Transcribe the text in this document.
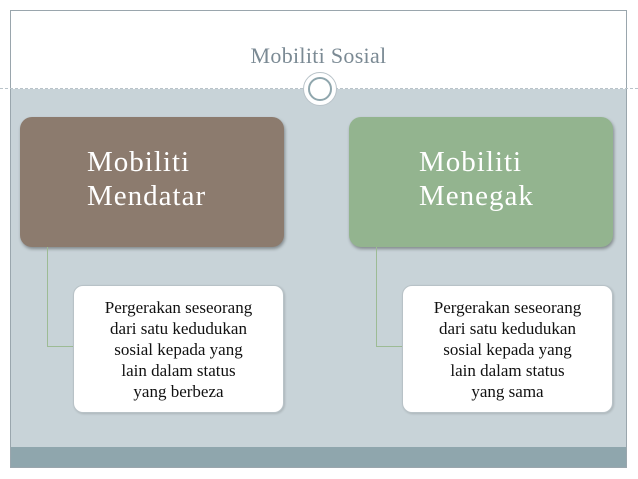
Mobiliti Sosial
Mobiliti
Mendatar
Pergerakan seseorang
dari satu kedudukan
sosial kepada yang
lain dalam status
yang berbeza
Mobiliti
Menegak
Pergerakan seseorang
dari satu kedudukan
sosial kepada yang
lain dalam status
yang sama
